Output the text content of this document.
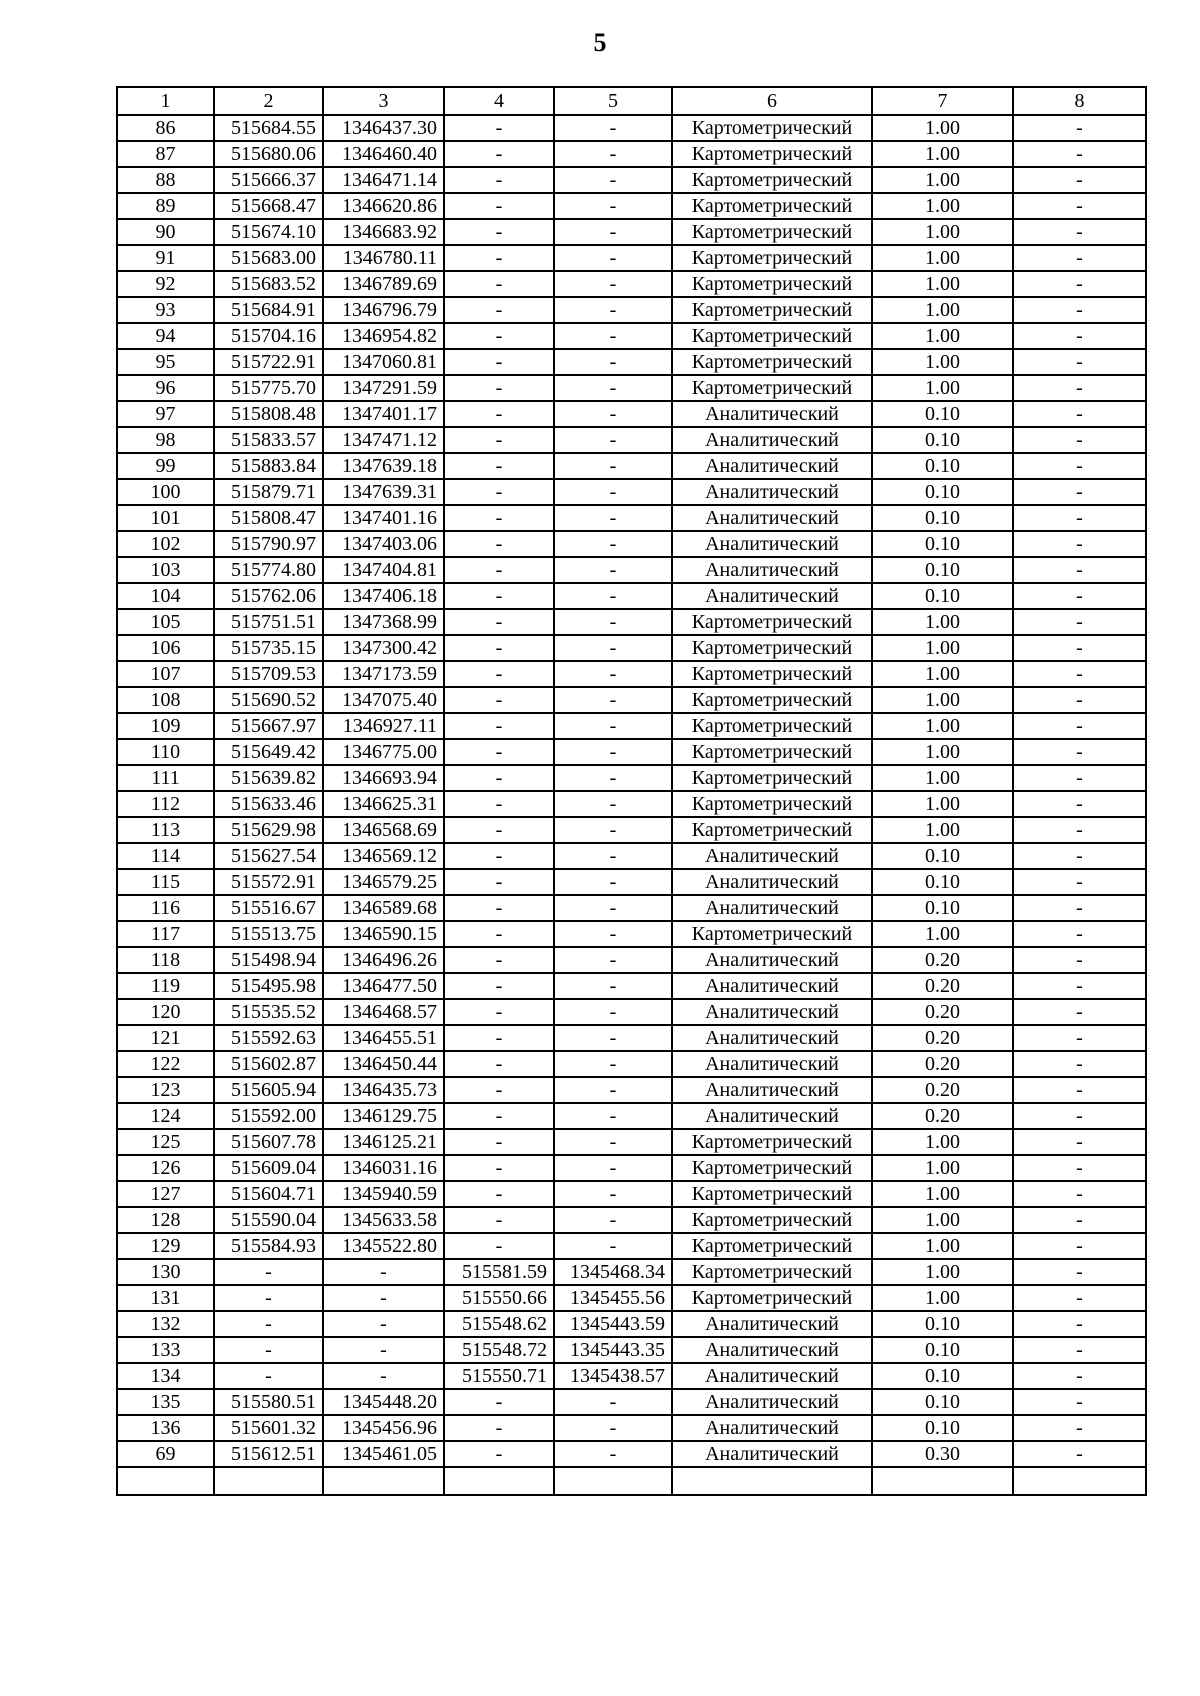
5
1	2	3	4	5	6	7	8
86	515684.55	1346437.30	-	-	Картометрический	1.00	-
87	515680.06	1346460.40	-	-	Картометрический	1.00	-
88	515666.37	1346471.14	-	-	Картометрический	1.00	-
89	515668.47	1346620.86	-	-	Картометрический	1.00	-
90	515674.10	1346683.92	-	-	Картометрический	1.00	-
91	515683.00	1346780.11	-	-	Картометрический	1.00	-
92	515683.52	1346789.69	-	-	Картометрический	1.00	-
93	515684.91	1346796.79	-	-	Картометрический	1.00	-
94	515704.16	1346954.82	-	-	Картометрический	1.00	-
95	515722.91	1347060.81	-	-	Картометрический	1.00	-
96	515775.70	1347291.59	-	-	Картометрический	1.00	-
97	515808.48	1347401.17	-	-	Аналитический	0.10	-
98	515833.57	1347471.12	-	-	Аналитический	0.10	-
99	515883.84	1347639.18	-	-	Аналитический	0.10	-
100	515879.71	1347639.31	-	-	Аналитический	0.10	-
101	515808.47	1347401.16	-	-	Аналитический	0.10	-
102	515790.97	1347403.06	-	-	Аналитический	0.10	-
103	515774.80	1347404.81	-	-	Аналитический	0.10	-
104	515762.06	1347406.18	-	-	Аналитический	0.10	-
105	515751.51	1347368.99	-	-	Картометрический	1.00	-
106	515735.15	1347300.42	-	-	Картометрический	1.00	-
107	515709.53	1347173.59	-	-	Картометрический	1.00	-
108	515690.52	1347075.40	-	-	Картометрический	1.00	-
109	515667.97	1346927.11	-	-	Картометрический	1.00	-
110	515649.42	1346775.00	-	-	Картометрический	1.00	-
111	515639.82	1346693.94	-	-	Картометрический	1.00	-
112	515633.46	1346625.31	-	-	Картометрический	1.00	-
113	515629.98	1346568.69	-	-	Картометрический	1.00	-
114	515627.54	1346569.12	-	-	Аналитический	0.10	-
115	515572.91	1346579.25	-	-	Аналитический	0.10	-
116	515516.67	1346589.68	-	-	Аналитический	0.10	-
117	515513.75	1346590.15	-	-	Картометрический	1.00	-
118	515498.94	1346496.26	-	-	Аналитический	0.20	-
119	515495.98	1346477.50	-	-	Аналитический	0.20	-
120	515535.52	1346468.57	-	-	Аналитический	0.20	-
121	515592.63	1346455.51	-	-	Аналитический	0.20	-
122	515602.87	1346450.44	-	-	Аналитический	0.20	-
123	515605.94	1346435.73	-	-	Аналитический	0.20	-
124	515592.00	1346129.75	-	-	Аналитический	0.20	-
125	515607.78	1346125.21	-	-	Картометрический	1.00	-
126	515609.04	1346031.16	-	-	Картометрический	1.00	-
127	515604.71	1345940.59	-	-	Картометрический	1.00	-
128	515590.04	1345633.58	-	-	Картометрический	1.00	-
129	515584.93	1345522.80	-	-	Картометрический	1.00	-
130	-	-	515581.59	1345468.34	Картометрический	1.00	-
131	-	-	515550.66	1345455.56	Картометрический	1.00	-
132	-	-	515548.62	1345443.59	Аналитический	0.10	-
133	-	-	515548.72	1345443.35	Аналитический	0.10	-
134	-	-	515550.71	1345438.57	Аналитический	0.10	-
135	515580.51	1345448.20	-	-	Аналитический	0.10	-
136	515601.32	1345456.96	-	-	Аналитический	0.10	-
69	515612.51	1345461.05	-	-	Аналитический	0.30	-
